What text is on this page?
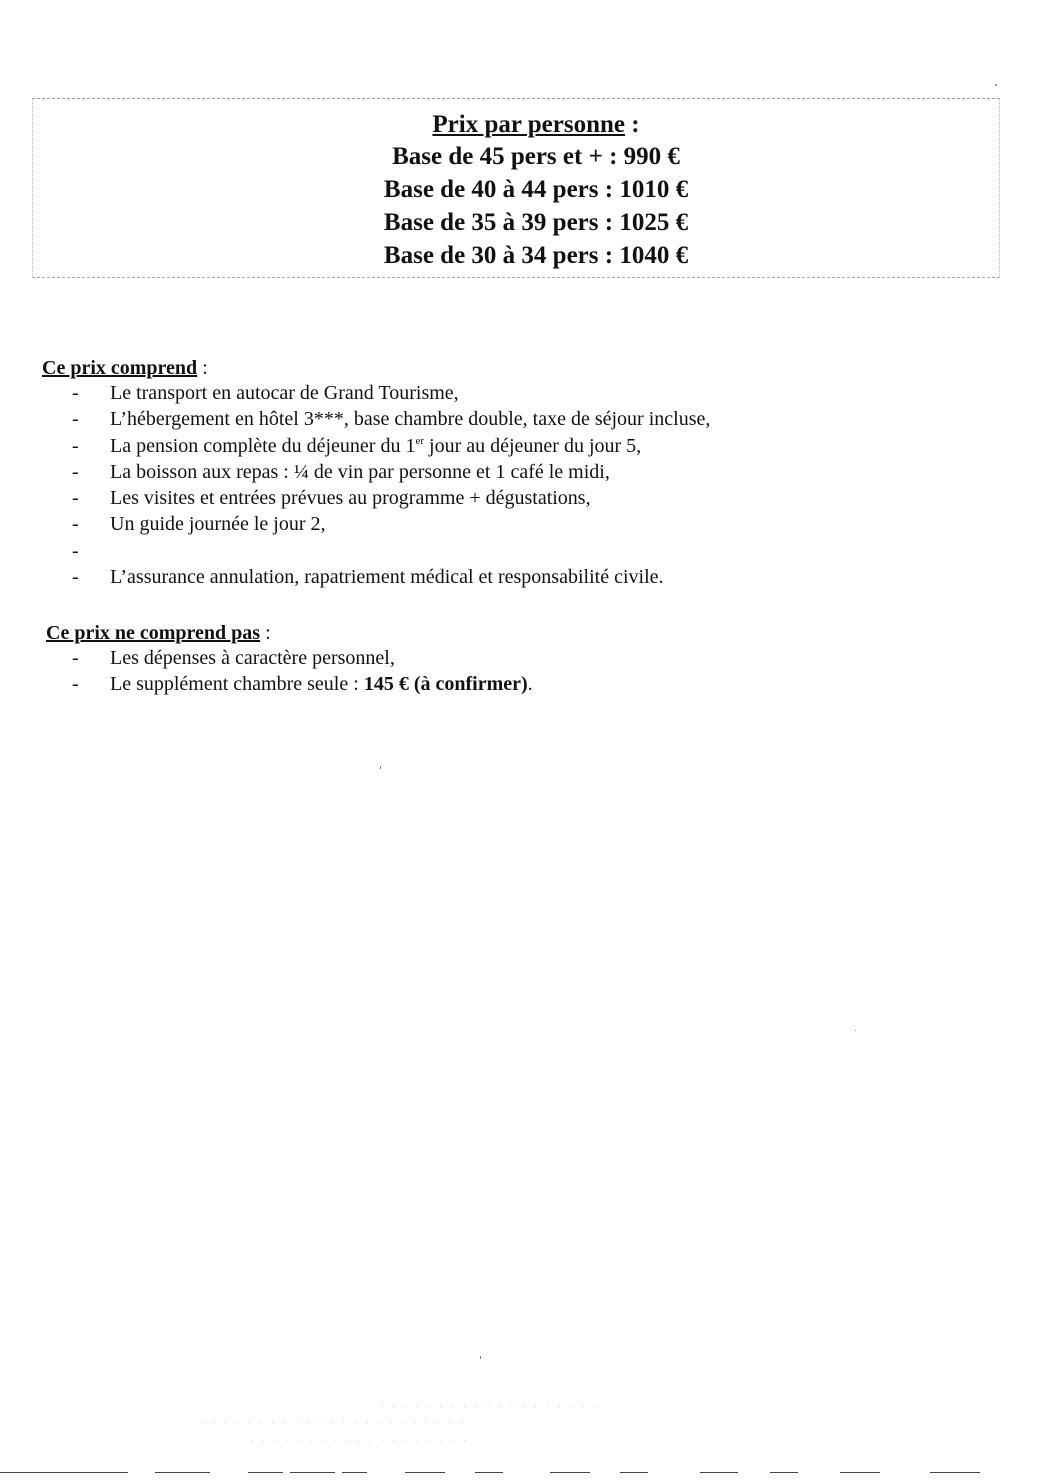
Prix par personne :
Base de 45 pers et + : 990 €
Base de 40 à 44 pers : 1010 €
Base de 35 à 39 pers : 1025 €
Base de 30 à 34 pers : 1040 €
Ce prix comprend :
- Le transport en autocar de Grand Tourisme,
- L’hébergement en hôtel 3***, base chambre double, taxe de séjour incluse,
- La pension complète du déjeuner du 1er jour au déjeuner du jour 5,
- La boisson aux repas : ¼ de vin par personne et 1 café le midi,
- Les visites et entrées prévues au programme + dégustations,
- Un guide journée le jour 2,
-
- L’assurance annulation, rapatriement médical et responsabilité civile.
Ce prix ne comprend pas :
- Les dépenses à caractère personnel,
- Le supplément chambre seule : 145 € (à confirmer).
· · · · · · · · · · · · · · · · · · ·
· · · · · · · · · · · · · · · · · · · · · · ·
· · · · · · · · · · · · · · · · · · ·
